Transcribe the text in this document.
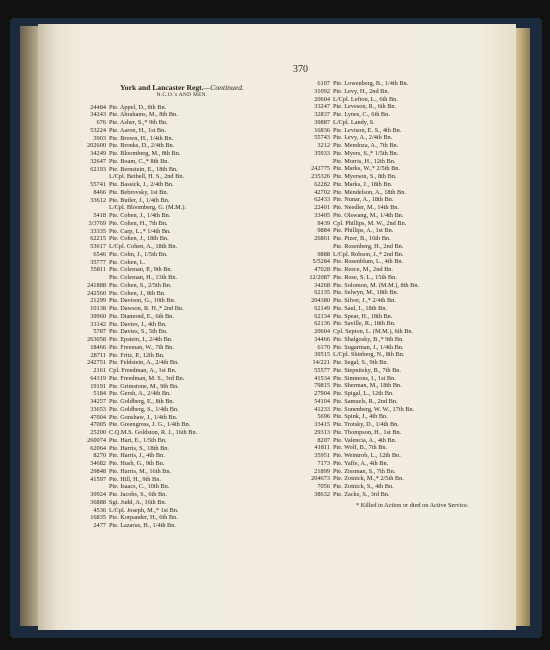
370
York and Lancaster Regt.—Continued.
N.C.O.'s AND MEN.
24484 Pte. Appel, D., 8th Bn.
34243 Pte. Abrahams, M., 8th Bn.
676 Pte. Asher, S.,* 9th Bn.
53224 Pte. Aaron, H., 1st Bn.
3903 Pte. Brown, H., 1/4th Bn.
202600 Pte. Bronks, D., 2/4th Bn.
34249 Pte. Bloomberg, M., 8th Bn.
32647 Pte. Boam, C.,* 8th Bn.
62193 Pte. Bernstein, E., 18th Bn.
L/Cpl. Bethell, H. S., 2nd Bn.
55741 Pte. Bassick, J., 2/4th Bn.
8466 Pte. Bebrovsky, 1st Bn.
33612 Pte. Butler, J., 1/4th Bn.
L/Cpl. Bloomberg, G. (M.M.).
5418 Pte. Cohen, J., 1/4th Bn.
3/3769 Pte. Cohen, H., 7th Bn.
33335 Pte. Carp, L.,* 1/4th Bn.
62215 Pte. Cohen, J., 18th Bn.
53617 L/Cpl. Cohen, A., 18th Bn.
6546 Pte. Cohn, J., 1/5th Bn.
35777 Pte. Cohen, L.
55811 Pte. Coleman, P., 9th Bn.
Pte. Coleman, H., 13th Bn.
241888 Pte. Cohen, S., 2/5th Bn.
242560 Pte. Cohen, J., 8th Bn.
21299 Pte. Davison, G., 10th Bn.
10138 Pte. Dawson, R. H.,* 2nd Bn.
39960 Pte. Diamond, E., 6th Bn.
33142 Pte. Davies, J., 4th Bn.
5787 Pte. Davies, S., 5th Bn.
263058 Pte. Epstein, I., 2/4th Bn.
18466 Pte. Freeman, W., 7th Bn.
28711 Pte. Fritz, P., 12th Bn.
242751 Pte. Feldstein, A., 2/4th Bn.
2161 Cpl. Freedman, A., 1st Bn.
64319 Pte. Freedman, M. S., 3rd Bn.
19191 Pte. Grimstone, M., 9th Bn.
5184 Pte. Gersh, A., 2/4th Bn.
34257 Pte. Goldberg, E., 8th Bn.
33653 Pte. Goldberg, S., 1/4th Bn.
47004 Pte. Gonshaw, J., 1/4th Bn.
47005 Pte. Greengross, J. G., 1/4th Bn.
25200 C.Q.M.S. Goldston, R. J., 16th Bn.
260074 Pte. Hart, E., 1/5th Bn.
62064 Pte. Harris, S., 18th Bn.
8270 Pte. Harris, J., 4th Bn.
34682 Pte. Hush, G., 9th Bn.
29848 Pte. Harris, M., 16th Bn.
41597 Pte. Hill, H., 9th Bn.
Pte. Isaacs, C., 10th Bn.
39924 Pte. Jacobs, S., 6th Bn.
36888 Sgt. Judd, A., 16th Bn.
4536 L/Cpl. Joseph, M.,* 1st Bn.
16835 Pte. Korpander, H., 6th Bn.
2477 Pte. Lazarus, H., 1/4th Bn.
6107 Pte. Lowenberg, B., 1/4th Bn.
31092 Pte. Levy, H., 2nd Bn.
20604 L/Cpl. Lefton, L., 6th Bn.
33247 Pte. Leveson, R., 6th Bn.
32837 Pte. Lynes, C., 6th Bn.
39887 L/Cpl. Landy, S.
16836 Pte. Levison, E. S., 4th Bn.
55743 Pte. Levy, A., 2/4th Bn.
3212 Pte. Mendoza, A., 7th Bn.
35933 Pte. Myers, S.,* 1/5th Bn.
Pte. Morris, H., 12th Bn.
242775 Pte. Marks, W.,* 2/5th Bn.
235326 Pte. Myerson, S., 8th Bn.
62282 Pte. Marks, J., 18th Bn.
42702 Pte. Mendelson, A., 18th Bn.
62433 Pte. Nunar, A., 18th Bn.
22401 Pte. Needler, M., 14th Bn.
33405 Pte. Olswang, M., 1/4th Bn.
9439 Cpl. Phillips, M. W., 2nd Bn.
9884 Pte. Phillips, A., 1st Bn.
26861 Pte. Pizer, B., 16th Bn.
Pte. Rosenberg, H., 2nd Bn.
9888 L/Cpl. Robson, J.,* 2nd Bn.
5/5284 Pte. Rosenblum, L., 4th Bn.
47028 Pte. Reece, M., 2nd Bn.
12/2087 Pte. Rose, S. L., 15th Bn.
34268 Pte. Solomon, M. (M.M.), 8th Bn.
62135 Pte. Selwyn, M., 18th Bn.
204380 Pte. Silver, J.,* 2/4th Bn.
62149 Pte. Saul, I., 18th Bn.
62134 Pte. Spear, H., 18th Bn.
62136 Pte. Saville, R., 18th Bn.
20604 Cpl. Septon, L. (M.M.), 6th Bn.
34466 Pte. Shalgosky, B.,* 9th Bn.
6170 Pte. Sugarman, J., 1/4th Bn.
39515 L/Cpl. Shinberg, N., 8th Bn.
14/221 Pte. Segal, S., 9th Bn.
55577 Pte. Stepnitsky, B., 7th Bn.
41534 Pte. Simmons, I., 1st Bn.
79815 Pte. Sherman, M., 18th Bn.
27904 Pte. Spigal, L., 12th Bn.
54104 Pte. Samuels, R., 2nd Bn.
41233 Pte. Sonenberg, W. W., 17th Bn.
5696 Pte. Spink, J., 4th Bn.
33415 Pte. Trotsky, D., 1/4th Bn.
29313 Pte. Thompson, H., 1st Bn.
8207 Pte. Valencia, A., 4th Bn.
41811 Pte. Wolf, B., 7th Bn.
35951 Pte. Weintrob, L., 12th Bn.
7173 Pte. Yaffe, A., 4th Bn.
21899 Pte. Zissman, S., 7th Bn.
204673 Pte. Zotnick, M.,* 2/5th Bn.
7056 Pte. Zotnick, S., 4th Bn.
38632 Pte. Zacks, S., 3rd Bn.
* Killed in Action or died on Active Service.
